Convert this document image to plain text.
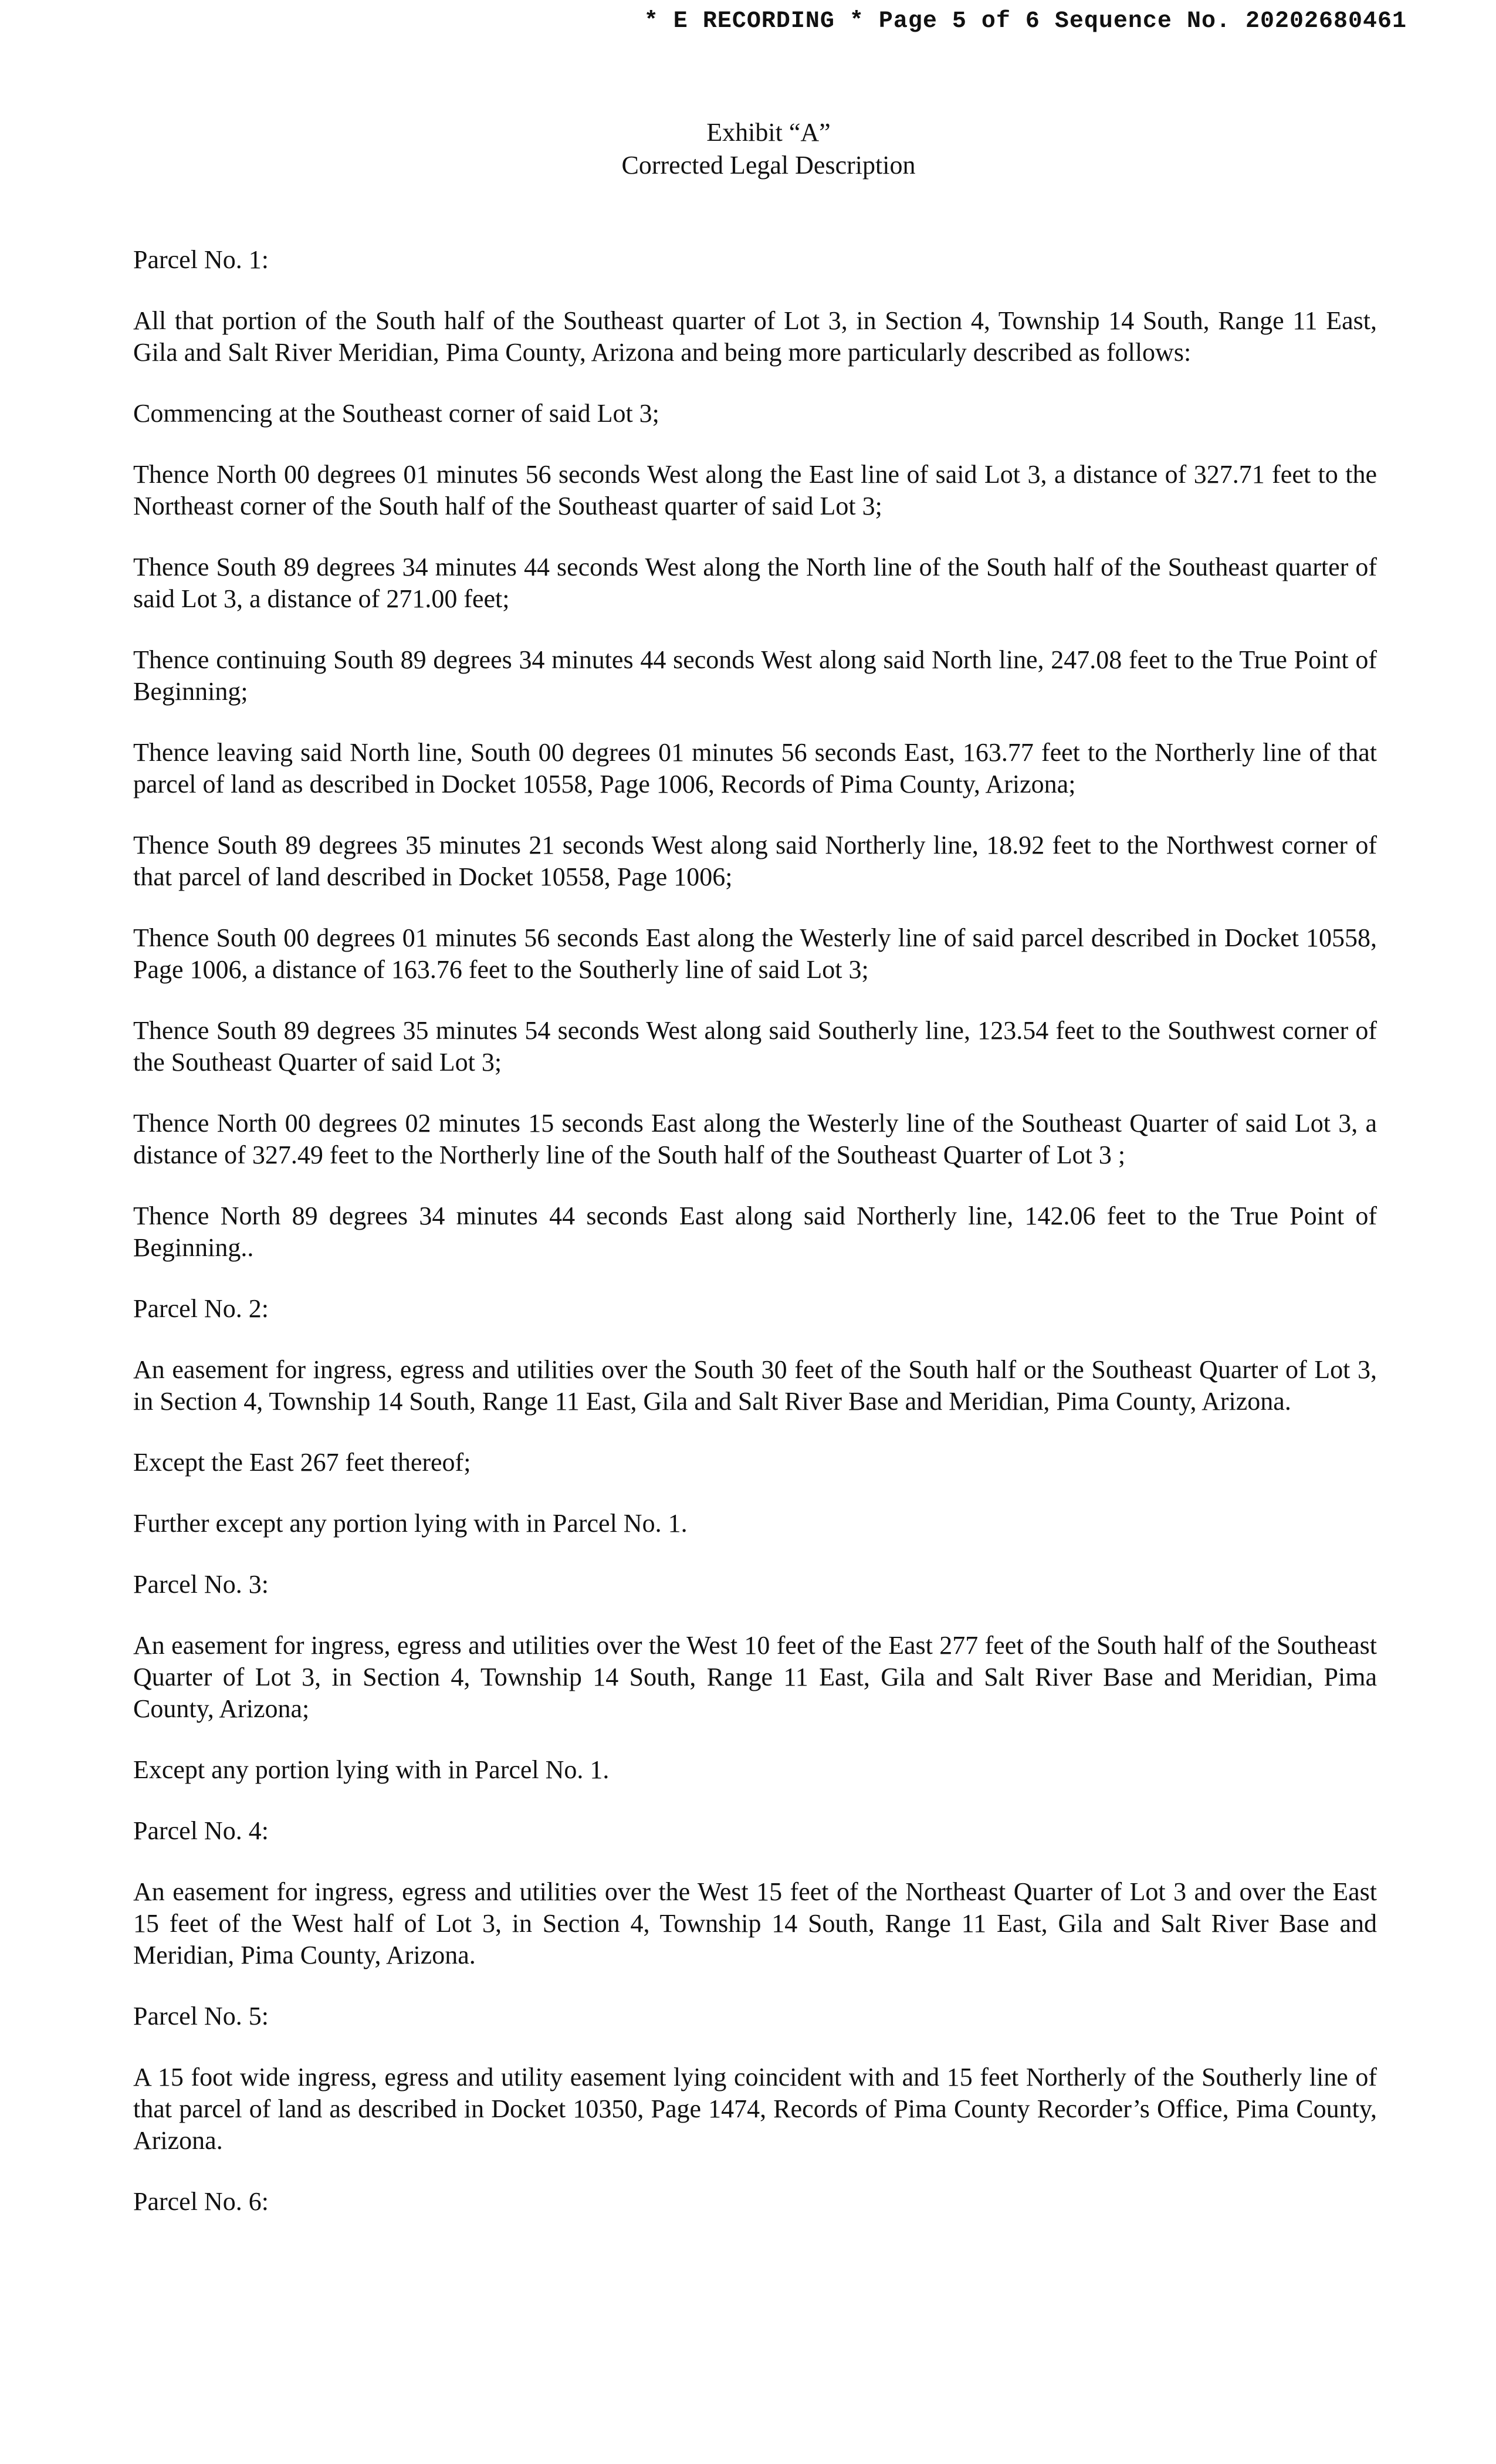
* E RECORDING * Page 5 of 6 Sequence No. 20202680461
Exhibit “A”
Corrected Legal Description

Parcel No. 1:

All that portion of the South half of the Southeast quarter of Lot 3, in Section 4, Township 14 South, Range 11 East, Gila and Salt River Meridian, Pima County, Arizona and being more particularly described as follows:

Commencing at the Southeast corner of said Lot 3;

Thence North 00 degrees 01 minutes 56 seconds West along the East line of said Lot 3, a distance of 327.71 feet to the Northeast corner of the South half of the Southeast quarter of said Lot 3;

Thence South 89 degrees 34 minutes 44 seconds West along the North line of the South half of the Southeast quarter of said Lot 3, a distance of 271.00 feet;

Thence continuing South 89 degrees 34 minutes 44 seconds West along said North line, 247.08 feet to the True Point of Beginning;

Thence leaving said North line, South 00 degrees 01 minutes 56 seconds East, 163.77 feet to the Northerly line of that parcel of land as described in Docket 10558, Page 1006, Records of Pima County, Arizona;

Thence South 89 degrees 35 minutes 21 seconds West along said Northerly line, 18.92 feet to the Northwest corner of that parcel of land described in Docket 10558, Page 1006;

Thence South 00 degrees 01 minutes 56 seconds East along the Westerly line of said parcel described in Docket 10558, Page 1006, a distance of 163.76 feet to the Southerly line of said Lot 3;

Thence South 89 degrees 35 minutes 54 seconds West along said Southerly line, 123.54 feet to the Southwest corner of the Southeast Quarter of said Lot 3;

Thence North 00 degrees 02 minutes 15 seconds East along the Westerly line of the Southeast Quarter of said Lot 3, a distance of 327.49 feet to the Northerly line of the South half of the Southeast Quarter of Lot 3 ;

Thence North 89 degrees 34 minutes 44 seconds East along said Northerly line, 142.06 feet to the True Point of Beginning..

Parcel No. 2:

An easement for ingress, egress and utilities over the South 30 feet of the South half or the Southeast Quarter of Lot 3, in Section 4, Township 14 South, Range 11 East, Gila and Salt River Base and Meridian, Pima County, Arizona.

Except the East 267 feet thereof;

Further except any portion lying with in Parcel No. 1.

Parcel No. 3:

An easement for ingress, egress and utilities over the West 10 feet of the East 277 feet of the South half of the Southeast Quarter of Lot 3, in Section 4, Township 14 South, Range 11 East, Gila and Salt River Base and Meridian, Pima County, Arizona;

Except any portion lying with in Parcel No. 1.

Parcel No. 4:

An easement for ingress, egress and utilities over the West 15 feet of the Northeast Quarter of Lot 3 and over the East 15 feet of the West half of Lot 3, in Section 4, Township 14 South, Range 11 East, Gila and Salt River Base and Meridian, Pima County, Arizona.

Parcel No. 5:

A 15 foot wide ingress, egress and utility easement lying coincident with and 15 feet Northerly of the Southerly line of that parcel of land as described in Docket 10350, Page 1474, Records of Pima County Recorder’s Office, Pima County, Arizona.

Parcel No. 6:
